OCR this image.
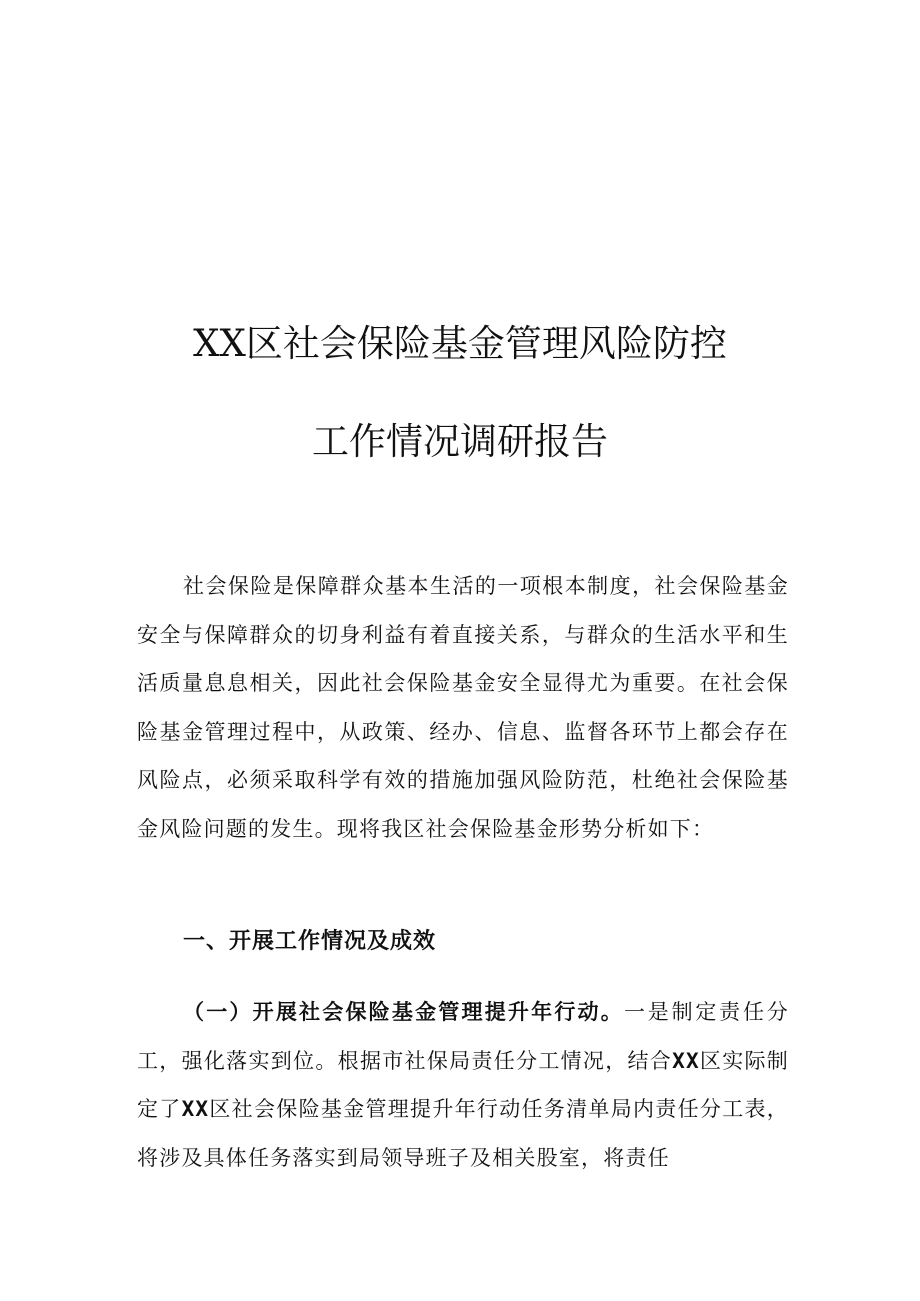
XX区社会保险基金管理风险防控
工作情况调研报告

社会保险是保障群众基本生活的一项根本制度，社会保险基金安全与保障群众的切身利益有着直接关系，与群众的生活水平和生活质量息息相关，因此社会保险基金安全显得尤为重要。在社会保险基金管理过程中，从政策、经办、信息、监督各环节上都会存在风险点，必须采取科学有效的措施加强风险防范，杜绝社会保险基金风险问题的发生。现将我区社会保险基金形势分析如下：

一、开展工作情况及成效

（一）开展社会保险基金管理提升年行动。一是制定责任分工，强化落实到位。根据市社保局责任分工情况，结合XX区实际制定了XX区社会保险基金管理提升年行动任务清单局内责任分工表，将涉及具体任务落实到局领导班子及相关股室，将责任
